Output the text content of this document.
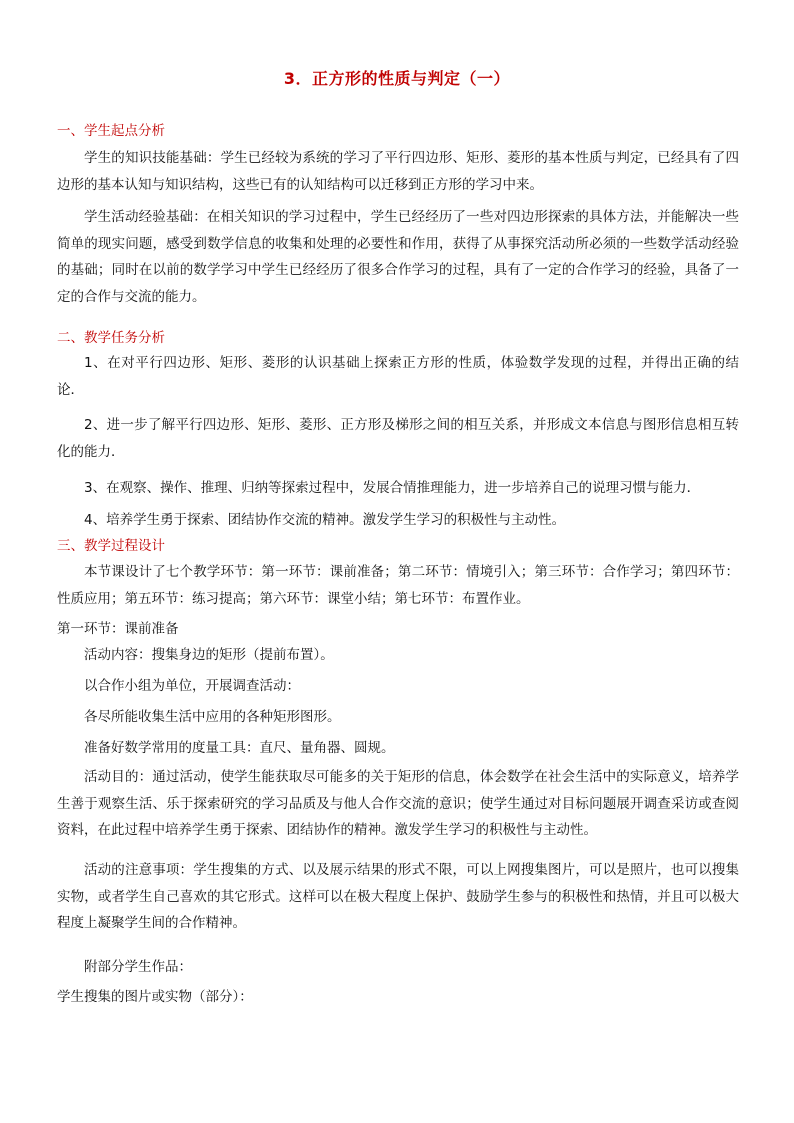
3．正方形的性质与判定（一）
一、学生起点分析
学生的知识技能基础：学生已经较为系统的学习了平行四边形、矩形、菱形的基本性质与判定，已经具有了四边形的基本认知与知识结构，这些已有的认知结构可以迁移到正方形的学习中来。
学生活动经验基础：在相关知识的学习过程中，学生已经经历了一些对四边形探索的具体方法，并能解决一些简单的现实问题，感受到数学信息的收集和处理的必要性和作用，获得了从事探究活动所必须的一些数学活动经验的基础；同时在以前的数学学习中学生已经经历了很多合作学习的过程，具有了一定的合作学习的经验，具备了一定的合作与交流的能力。
二、教学任务分析
1、在对平行四边形、矩形、菱形的认识基础上探索正方形的性质，体验数学发现的过程，并得出正确的结论．
2、进一步了解平行四边形、矩形、菱形、正方形及梯形之间的相互关系，并形成文本信息与图形信息相互转化的能力．
3、在观察、操作、推理、归纳等探索过程中，发展合情推理能力，进一步培养自己的说理习惯与能力．
4、培养学生勇于探索、团结协作交流的精神。激发学生学习的积极性与主动性。
三、教学过程设计
本节课设计了七个教学环节：第一环节：课前准备；第二环节：情境引入；第三环节：合作学习；第四环节：性质应用；第五环节：练习提高；第六环节：课堂小结；第七环节：布置作业。
第一环节：课前准备
活动内容：搜集身边的矩形（提前布置）。
以合作小组为单位，开展调查活动：
各尽所能收集生活中应用的各种矩形图形。
准备好数学常用的度量工具：直尺、量角器、圆规。
活动目的：通过活动，使学生能获取尽可能多的关于矩形的信息，体会数学在社会生活中的实际意义，培养学生善于观察生活、乐于探索研究的学习品质及与他人合作交流的意识；使学生通过对目标问题展开调查采访或查阅资料，在此过程中培养学生勇于探索、团结协作的精神。激发学生学习的积极性与主动性。
活动的注意事项：学生搜集的方式、以及展示结果的形式不限，可以上网搜集图片，可以是照片，也可以搜集实物，或者学生自己喜欢的其它形式。这样可以在极大程度上保护、鼓励学生参与的积极性和热情，并且可以极大程度上凝聚学生间的合作精神。
附部分学生作品：
学生搜集的图片或实物（部分）：
